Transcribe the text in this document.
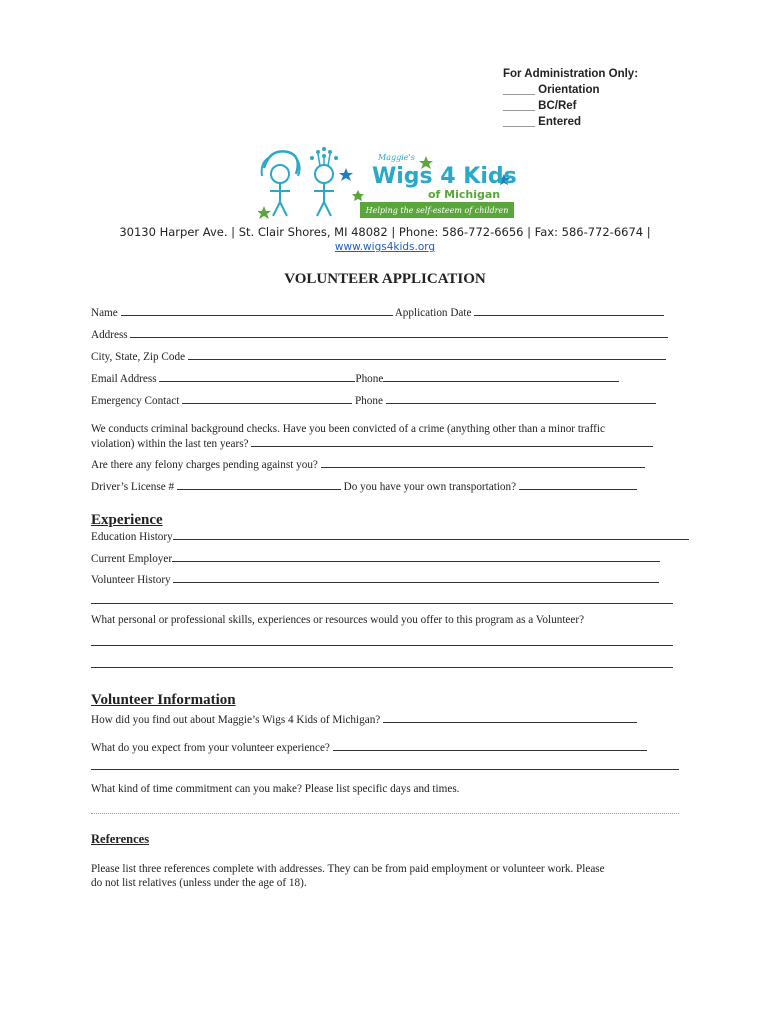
For Administration Only:
_____ Orientation
_____ BC/Ref
_____ Entered
Maggie's
Wigs 4 Kids
of Michigan
Helping the self-esteem of children
30130 Harper Ave. | St. Clair Shores, MI 48082 | Phone: 586-772-6656 | Fax: 586-772-6674 |
www.wigs4kids.org
VOLUNTEER APPLICATION
Name	Application Date
Address
City, State, Zip Code
Email Address	Phone
Emergency Contact	Phone
We conducts criminal background checks. Have you been convicted of a crime (anything other than a minor traffic
violation) within the last ten years?
Are there any felony charges pending against you?
Driver’s License #	Do you have your own transportation?
Experience
Education History
Current Employer
Volunteer History
What personal or professional skills, experiences or resources would you offer to this program as a Volunteer?
Volunteer Information
How did you find out about Maggie’s Wigs 4 Kids of Michigan?
What do you expect from your volunteer experience?
What kind of time commitment can you make? Please list specific days and times.
References
Please list three references complete with addresses. They can be from paid employment or volunteer work. Please
do not list relatives (unless under the age of 18).
